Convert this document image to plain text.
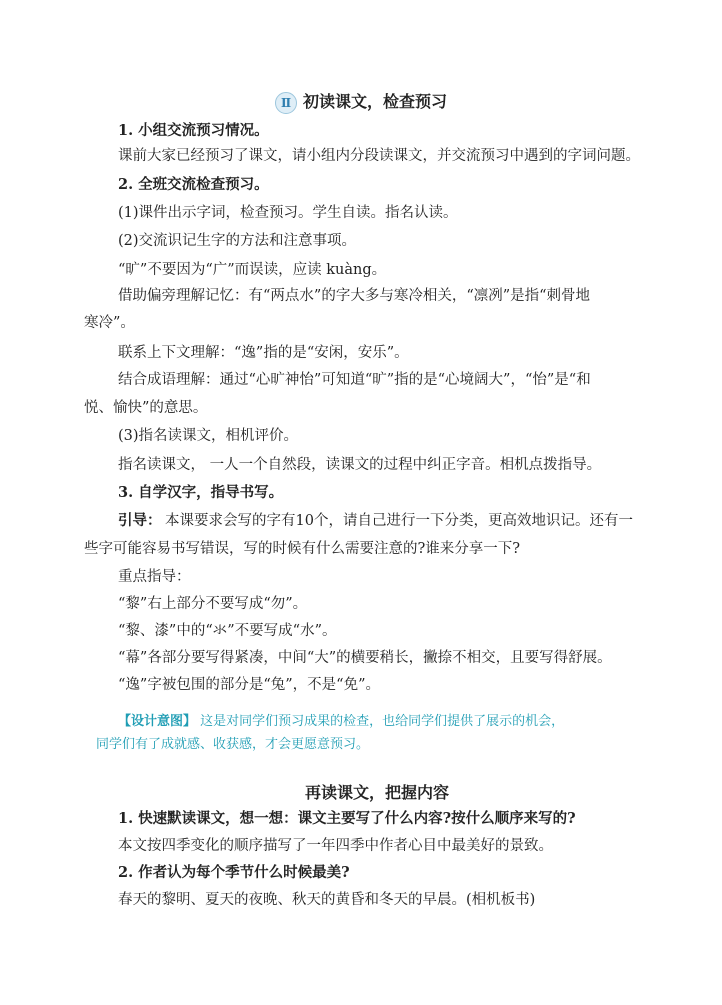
Ⅱ 初读课文，检查预习
1. 小组交流预习情况。
课前大家已经预习了课文，请小组内分段读课文，并交流预习中遇到的字词问题。
2. 全班交流检查预习。
(1)课件出示字词，检查预习。学生自读。指名认读。
(2)交流识记生字的方法和注意事项。
“旷”不要因为“广”而误读，应读 kuàng。
借助偏旁理解记忆：有“两点水”的字大多与寒冷相关，“凛冽”是指“刺骨地
寒冷”。
联系上下文理解：“逸”指的是“安闲，安乐”。
结合成语理解：通过“心旷神怡”可知道“旷”指的是“心境阔大”，“怡”是“和
悦、愉快”的意思。
(3)指名读课文，相机评价。
指名读课文， 一人一个自然段，读课文的过程中纠正字音。相机点拨指导。
3. 自学汉字，指导书写。
引导： 本课要求会写的字有10个，请自己进行一下分类，更高效地识记。还有一
些字可能容易书写错误，写的时候有什么需要注意的?谁来分享一下?
重点指导：
“黎”右上部分不要写成“勿”。
“黎、漆”中的“氺”不要写成“水”。
“幕”各部分要写得紧凑，中间“大”的横要稍长，撇捺不相交，且要写得舒展。
“逸”字被包围的部分是“兔”，不是“免”。
【设计意图】 这是对同学们预习成果的检查，也给同学们提供了展示的机会，
同学们有了成就感、收获感，才会更愿意预习。
再读课文，把握内容
1. 快速默读课文，想一想：课文主要写了什么内容?按什么顺序来写的?
本文按四季变化的顺序描写了一年四季中作者心目中最美好的景致。
2. 作者认为每个季节什么时候最美?
春天的黎明、夏天的夜晚、秋天的黄昏和冬天的早晨。(相机板书)
